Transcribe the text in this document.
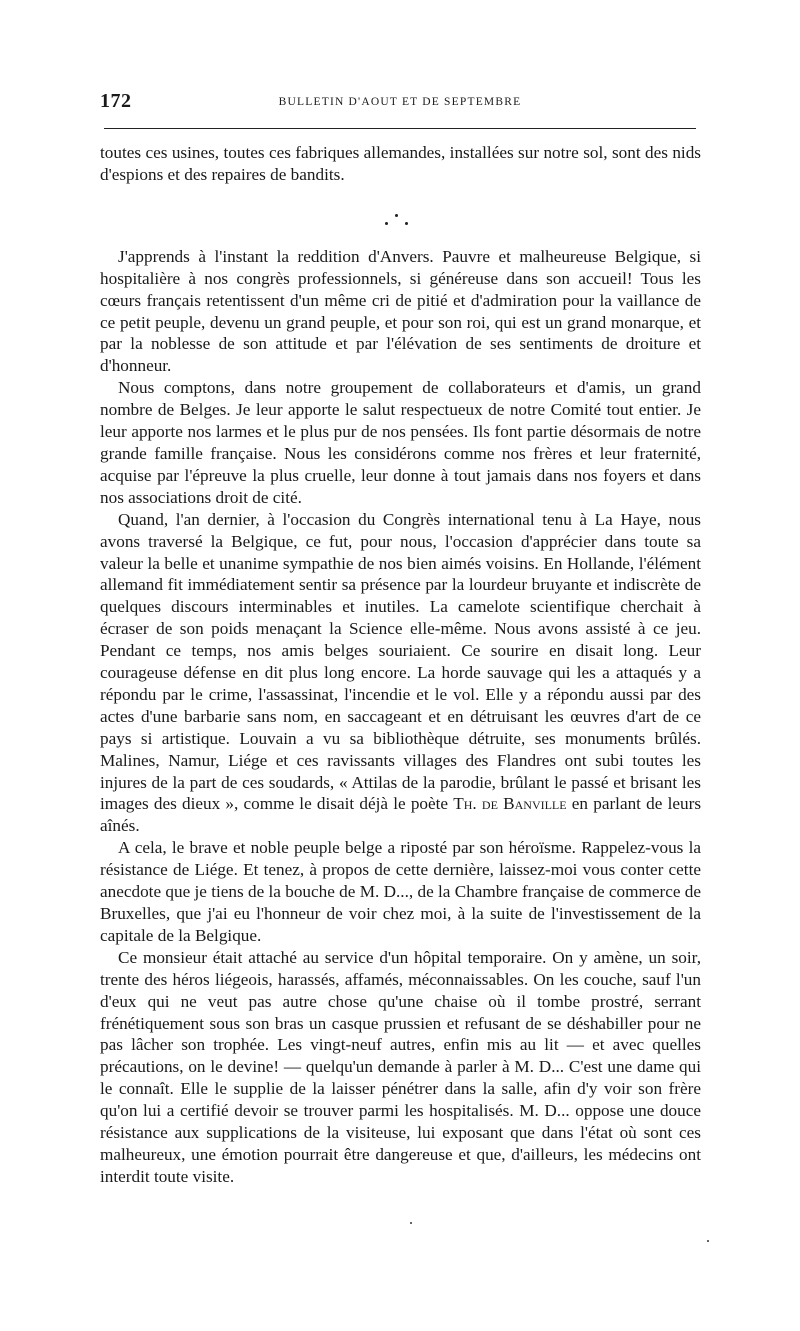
172	BULLETIN D'AOUT ET DE SEPTEMBRE

toutes ces usines, toutes ces fabriques allemandes, installées sur notre sol, sont des nids d'espions et des repaires de bandits.

J'apprends à l'instant la reddition d'Anvers. Pauvre et malheureuse Belgique, si hospitalière à nos congrès professionnels, si généreuse dans son accueil! Tous les cœurs français retentissent d'un même cri de pitié et d'admiration pour la vaillance de ce petit peuple, devenu un grand peuple, et pour son roi, qui est un grand monarque, et par la noblesse de son attitude et par l'élévation de ses sentiments de droiture et d'honneur.

Nous comptons, dans notre groupement de collaborateurs et d'amis, un grand nombre de Belges. Je leur apporte le salut respectueux de notre Comité tout entier. Je leur apporte nos larmes et le plus pur de nos pensées. Ils font partie désormais de notre grande famille française. Nous les considérons comme nos frères et leur fraternité, acquise par l'épreuve la plus cruelle, leur donne à tout jamais dans nos foyers et dans nos associations droit de cité.

Quand, l'an dernier, à l'occasion du Congrès international tenu à La Haye, nous avons traversé la Belgique, ce fut, pour nous, l'occasion d'apprécier dans toute sa valeur la belle et unanime sympathie de nos bien aimés voisins. En Hollande, l'élément allemand fit immédiatement sentir sa présence par la lourdeur bruyante et indiscrète de quelques discours interminables et inutiles. La camelote scientifique cherchait à écraser de son poids menaçant la Science elle-même. Nous avons assisté à ce jeu. Pendant ce temps, nos amis belges souriaient. Ce sourire en disait long. Leur courageuse défense en dit plus long encore. La horde sauvage qui les a attaqués y a répondu par le crime, l'assassinat, l'incendie et le vol. Elle y a répondu aussi par des actes d'une barbarie sans nom, en saccageant et en détruisant les œuvres d'art de ce pays si artistique. Louvain a vu sa bibliothèque détruite, ses monuments brûlés. Malines, Namur, Liége et ces ravissants villages des Flandres ont subi toutes les injures de la part de ces soudards, « Attilas de la parodie, brûlant le passé et brisant les images des dieux », comme le disait déjà le poète Th. de Banville en parlant de leurs aînés.

A cela, le brave et noble peuple belge a riposté par son héroïsme. Rappelez-vous la résistance de Liége. Et tenez, à propos de cette dernière, laissez-moi vous conter cette anecdote que je tiens de la bouche de M. D..., de la Chambre française de commerce de Bruxelles, que j'ai eu l'honneur de voir chez moi, à la suite de l'investissement de la capitale de la Belgique.

Ce monsieur était attaché au service d'un hôpital temporaire. On y amène, un soir, trente des héros liégeois, harassés, affamés, méconnaissables. On les couche, sauf l'un d'eux qui ne veut pas autre chose qu'une chaise où il tombe prostré, serrant frénétiquement sous son bras un casque prussien et refusant de se déshabiller pour ne pas lâcher son trophée. Les vingt-neuf autres, enfin mis au lit — et avec quelles précautions, on le devine! — quelqu'un demande à parler à M. D... C'est une dame qui le connaît. Elle le supplie de la laisser pénétrer dans la salle, afin d'y voir son frère qu'on lui a certifié devoir se trouver parmi les hospitalisés. M. D... oppose une douce résistance aux supplications de la visiteuse, lui exposant que dans l'état où sont ces malheureux, une émotion pourrait être dangereuse et que, d'ailleurs, les médecins ont interdit toute visite.
